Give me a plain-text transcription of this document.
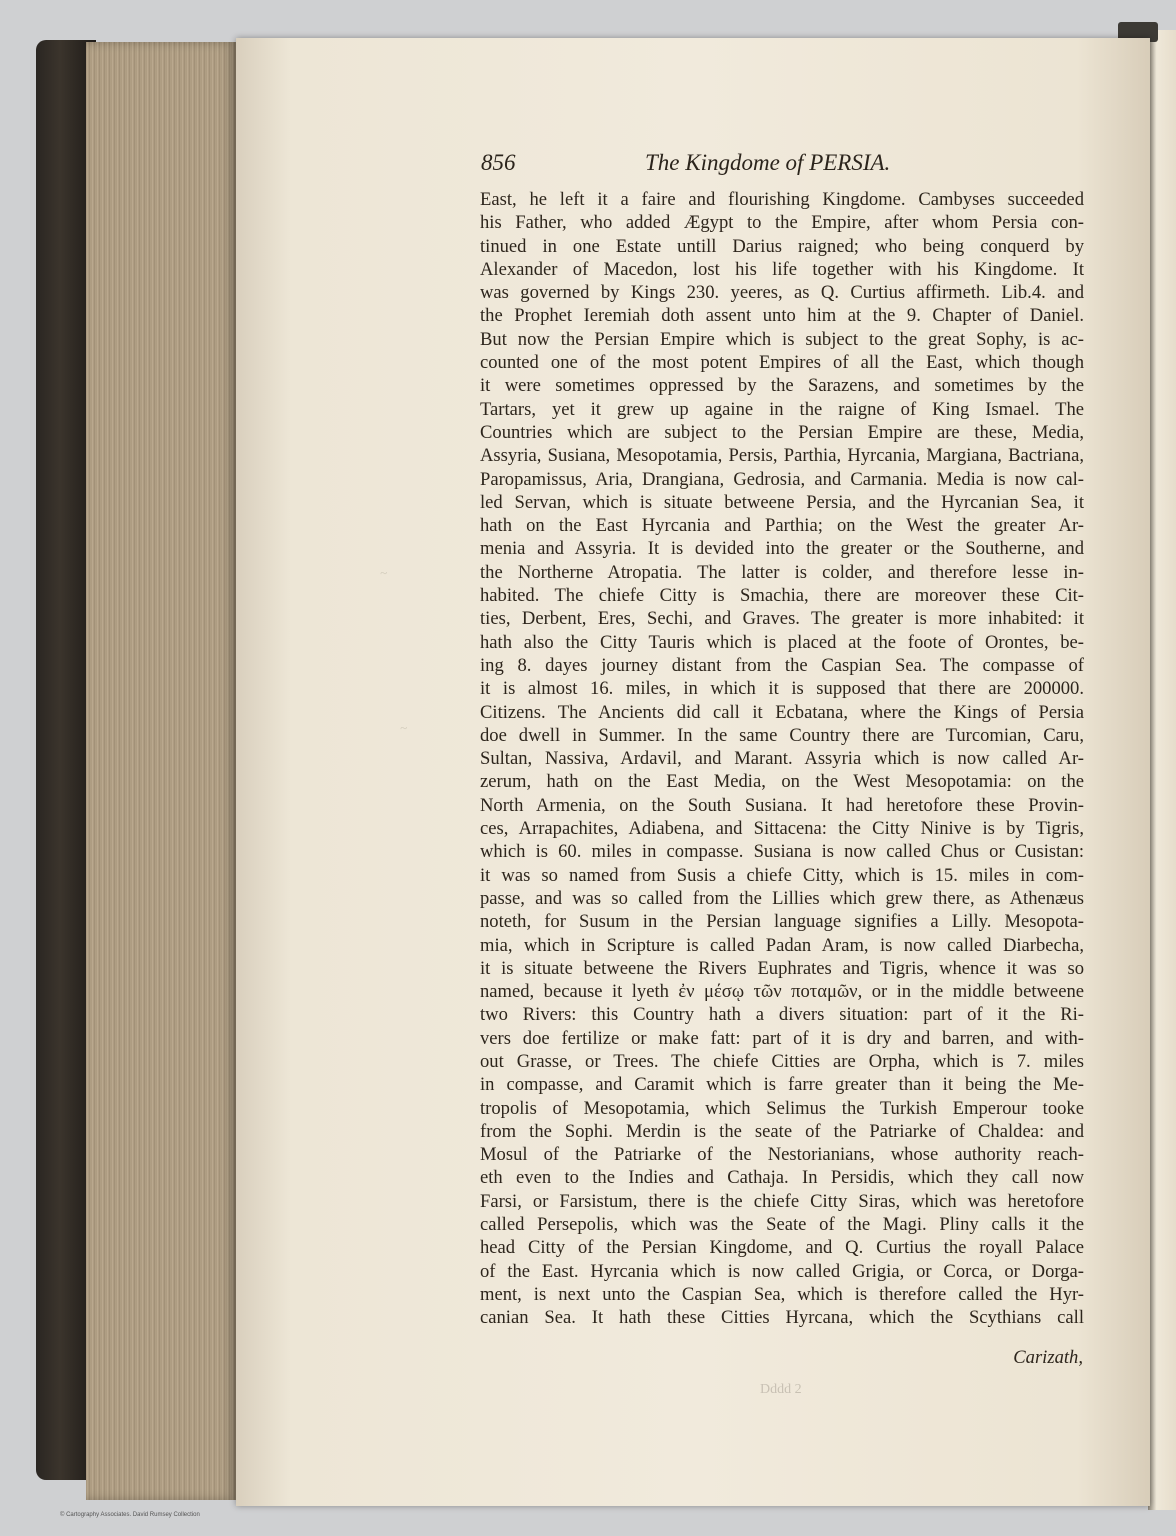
~
~
856	The Kingdome of PERSIA.
East, he left it a faire and flourishing Kingdome. Cambyses succeeded
his Father, who added Ægypt to the Empire, after whom Persia con-
tinued in one Estate untill Darius raigned; who being conquerd by
Alexander of Macedon, lost his life together with his Kingdome. It
was governed by Kings 230. yeeres, as Q. Curtius affirmeth. Lib.4. and
the Prophet Ieremiah doth assent unto him at the 9. Chapter of Daniel.
But now the Persian Empire which is subject to the great Sophy, is ac-
counted one of the most potent Empires of all the East, which though
it were sometimes oppressed by the Sarazens, and sometimes by the
Tartars, yet it grew up againe in the raigne of King Ismael. The
Countries which are subject to the Persian Empire are these, Media,
Assyria, Susiana, Mesopotamia, Persis, Parthia, Hyrcania, Margiana, Bactriana,
Paropamissus, Aria, Drangiana, Gedrosia, and Carmania. Media is now cal-
led Servan, which is situate betweene Persia, and the Hyrcanian Sea, it
hath on the East Hyrcania and Parthia; on the West the greater Ar-
menia and Assyria. It is devided into the greater or the Southerne, and
the Northerne Atropatia. The latter is colder, and therefore lesse in-
habited. The chiefe Citty is Smachia, there are moreover these Cit-
ties, Derbent, Eres, Sechi, and Graves. The greater is more inhabited: it
hath also the Citty Tauris which is placed at the foote of Orontes, be-
ing 8. dayes journey distant from the Caspian Sea. The compasse of
it is almost 16. miles, in which it is supposed that there are 200000.
Citizens. The Ancients did call it Ecbatana, where the Kings of Persia
doe dwell in Summer. In the same Country there are Turcomian, Caru,
Sultan, Nassiva, Ardavil, and Marant. Assyria which is now called Ar-
zerum, hath on the East Media, on the West Mesopotamia: on the
North Armenia, on the South Susiana. It had heretofore these Provin-
ces, Arrapachites, Adiabena, and Sittacena: the Citty Ninive is by Tigris,
which is 60. miles in compasse. Susiana is now called Chus or Cusistan:
it was so named from Susis a chiefe Citty, which is 15. miles in com-
passe, and was so called from the Lillies which grew there, as Athenæus
noteth, for Susum in the Persian language signifies a Lilly. Mesopota-
mia, which in Scripture is called Padan Aram, is now called Diarbecha,
it is situate betweene the Rivers Euphrates and Tigris, whence it was so
named, because it lyeth ἐν μέσῳ τῶν ποταμῶν, or in the middle betweene
two Rivers: this Country hath a divers situation: part of it the Ri-
vers doe fertilize or make fatt: part of it is dry and barren, and with-
out Grasse, or Trees. The chiefe Citties are Orpha, which is 7. miles
in compasse, and Caramit which is farre greater than it being the Me-
tropolis of Mesopotamia, which Selimus the Turkish Emperour tooke
from the Sophi. Merdin is the seate of the Patriarke of Chaldea: and
Mosul of the Patriarke of the Nestorianians, whose authority reach-
eth even to the Indies and Cathaja. In Persidis, which they call now
Farsi, or Farsistum, there is the chiefe Citty Siras, which was heretofore
called Persepolis, which was the Seate of the Magi. Pliny calls it the
head Citty of the Persian Kingdome, and Q. Curtius the royall Palace
of the East. Hyrcania which is now called Grigia, or Corca, or Dorga-
ment, is next unto the Caspian Sea, which is therefore called the Hyr-
canian Sea. It hath these Citties Hyrcana, which the Scythians call
Dddd 2
Carizath,
© Cartography Associates. David Rumsey Collection
